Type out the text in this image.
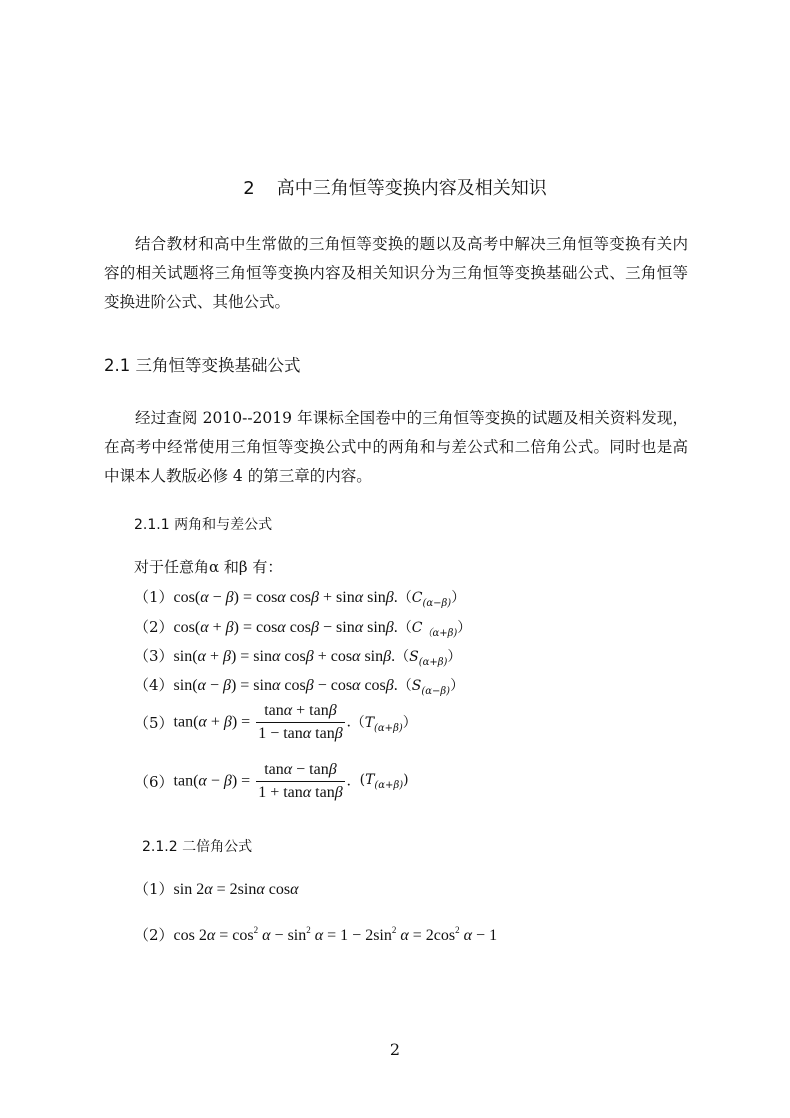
2 高中三角恒等变换内容及相关知识
结合教材和高中生常做的三角恒等变换的题以及高考中解决三角恒等变换有关内容的相关试题将三角恒等变换内容及相关知识分为三角恒等变换基础公式、三角恒等变换进阶公式、其他公式。
2.1 三角恒等变换基础公式
经过查阅 2010--2019 年课标全国卷中的三角恒等变换的试题及相关资料发现，在高考中经常使用三角恒等变换公式中的两角和与差公式和二倍角公式。同时也是高中课本人教版必修 4 的第三章的内容。
2.1.1 两角和与差公式
对于任意角α 和β 有：
（1）cos(α − β) = cosα cosβ + sinα $\sin\beta.(C_{(\alpha-\beta)})$
（2）cos(α + β) = cosα cosβ − sinα $\sin\beta.(C_{(\alpha+\beta)})$
（3）sin(α + β) = sinα cosβ + cosα $\sin\beta.(S_{(\alpha+\beta)})$
（4）sin(α − β) = sinα cosβ − cosα $\cos\beta.(S_{(\alpha-\beta)})$
$(5)\tan(\alpha + \beta) = \frac{\tan\alpha + \tan\beta}{\text{1 − tanα tanβ}} .(T_{(\alpha+\beta)})$
$(6)\tan(\alpha - \beta) = \frac{\tan\alpha - \tan\beta}{\text{1 + tanα tanβ}}$ .  $(T_{(\alpha+\beta)})$
2.1.2 二倍角公式
（1）sin 2α = 2sinα cosα
（2）cos $2\alpha = \cos^2 \alpha - \sin^2 \alpha = 1 - 2\sin^2$ $\alpha = 2\cos^2$ α − 1
2
